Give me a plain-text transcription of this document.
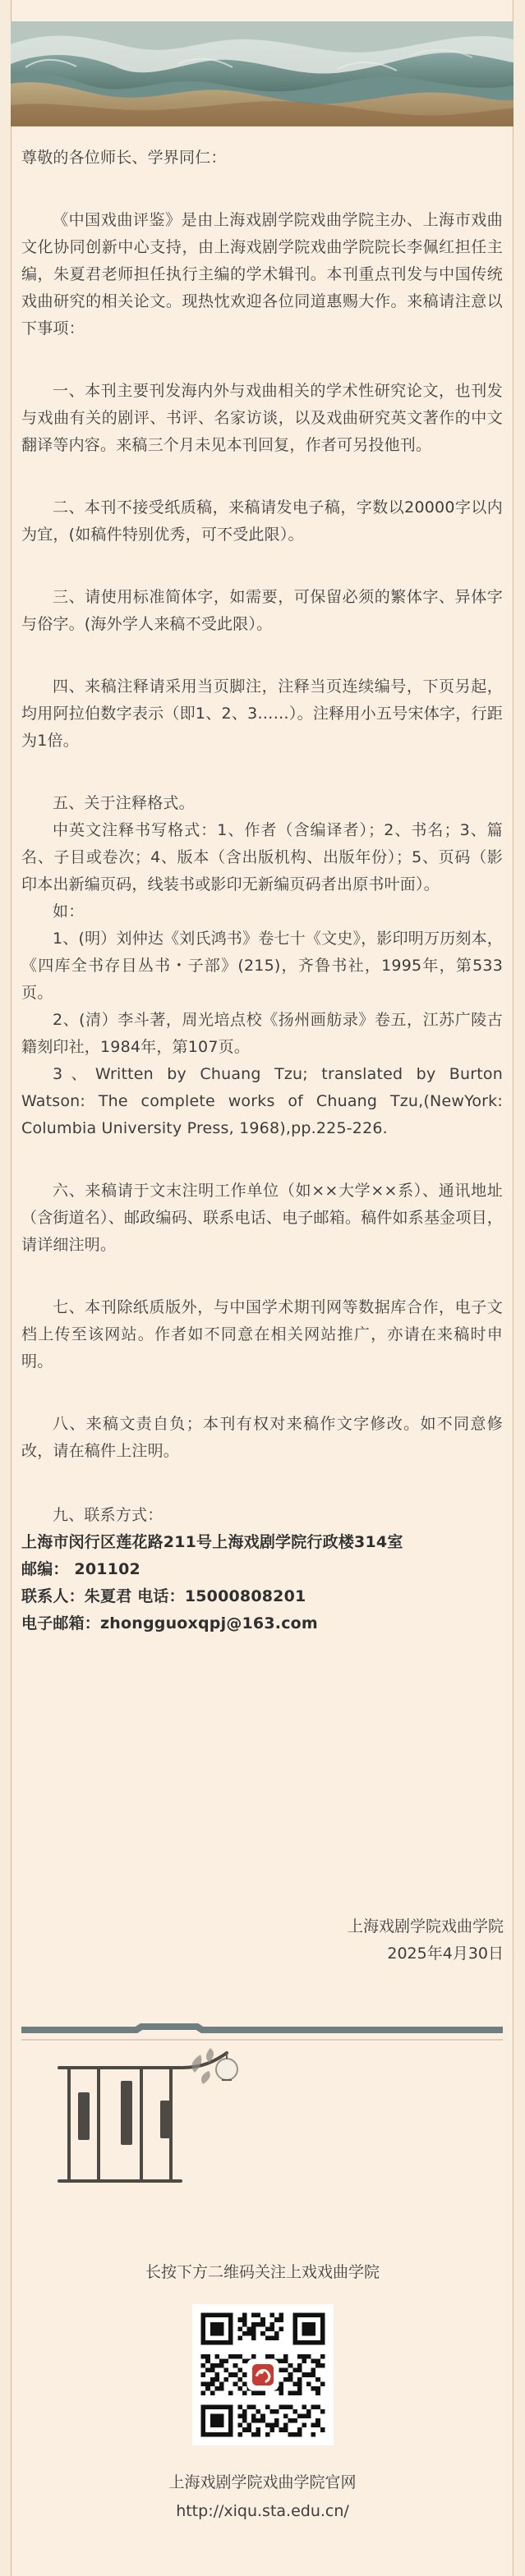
尊敬的各位师长、学界同仁：

《中国戏曲评鉴》是由上海戏剧学院戏曲学院主办、上海市戏曲文化协同创新中心支持，由上海戏剧学院戏曲学院院长李佩红担任主编，朱夏君老师担任执行主编的学术辑刊。本刊重点刊发与中国传统戏曲研究的相关论文。现热忱欢迎各位同道惠赐大作。来稿请注意以下事项：

一、本刊主要刊发海内外与戏曲相关的学术性研究论文，也刊发与戏曲有关的剧评、书评、名家访谈，以及戏曲研究英文著作的中文翻译等内容。来稿三个月未见本刊回复，作者可另投他刊。

二、本刊不接受纸质稿，来稿请发电子稿，字数以20000字以内为宜，(如稿件特别优秀，可不受此限）。

三、请使用标准简体字，如需要，可保留必须的繁体字、异体字与俗字。(海外学人来稿不受此限）。

四、来稿注释请采用当页脚注，注释当页连续编号，下页另起，均用阿拉伯数字表示（即1、2、3……）。注释用小五号宋体字，行距为1倍。

五、关于注释格式。

中英文注释书写格式：1、作者（含编译者）；2、书名；3、篇名、子目或卷次；4、版本（含出版机构、出版年份）；5、页码（影印本出新编页码，线装书或影印无新编页码者出原书叶面）。

如：

1、(明）刘仲达《刘氏鸿书》卷七十《文史》，影印明万历刻本，《四库全书存目丛书・子部》(215)，齐鲁书社，1995年，第533页。

2、(清）李斗著，周光培点校《扬州画舫录》卷五，江苏广陵古籍刻印社，1984年，第107页。

3、Written by Chuang Tzu; translated by Burton Watson: The complete works of Chuang Tzu,(NewYork: Columbia University Press, 1968),pp.225-226.

六、来稿请于文末注明工作单位（如××大学××系）、通讯地址（含街道名）、邮政编码、联系电话、电子邮箱。稿件如系基金项目，请详细注明。

七、本刊除纸质版外，与中国学术期刊网等数据库合作，电子文档上传至该网站。作者如不同意在相关网站推广，亦请在来稿时申明。

八、来稿文责自负；本刊有权对来稿作文字修改。如不同意修改，请在稿件上注明。

九、联系方式：

上海市闵行区莲花路211号上海戏剧学院行政楼314室

邮编： 201102

联系人：朱夏君 电话：15000808201

电子邮箱：zhongguoxqpj@163.com

上海戏剧学院戏曲学院
2025年4月30日
长按下方二维码关注上戏戏曲学院
上海戏剧学院戏曲学院官网
http://xiqu.sta.edu.cn/
